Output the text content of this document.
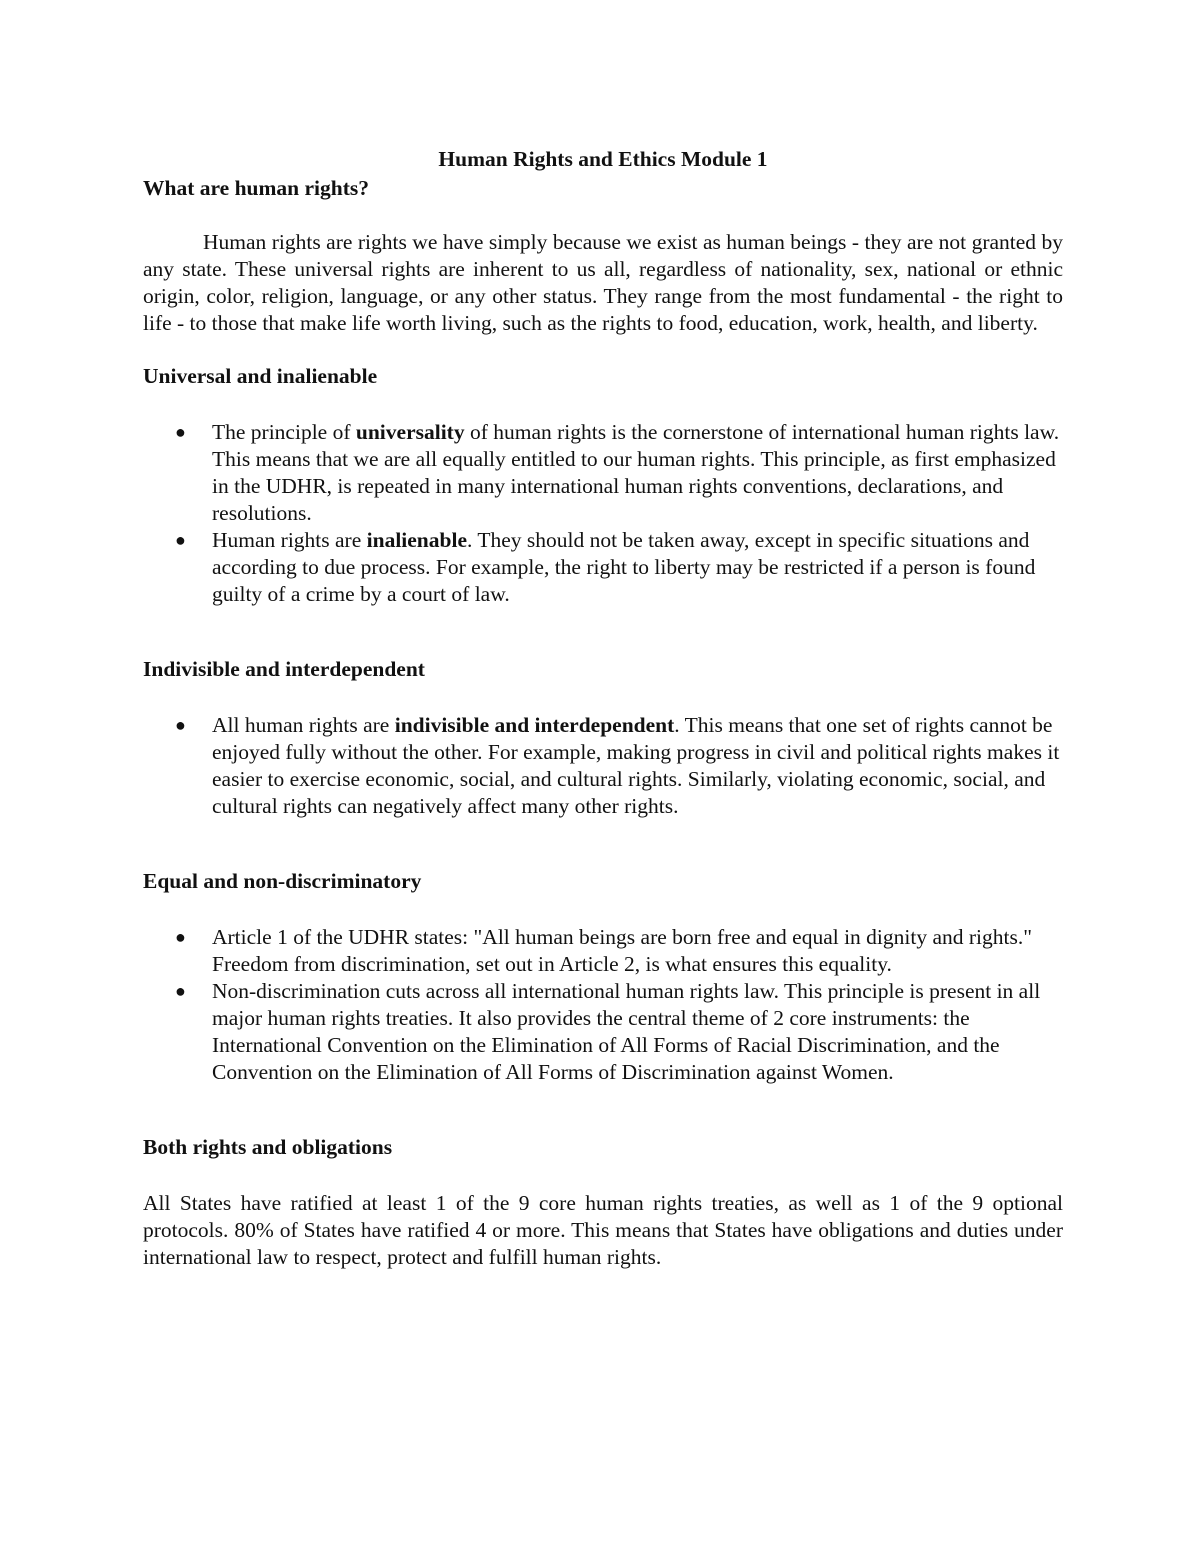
Human Rights and Ethics Module 1
What are human rights?

Human rights are rights we have simply because we exist as human beings - they are not granted by any state. These universal rights are inherent to us all, regardless of nationality, sex, national or ethnic origin, color, religion, language, or any other status. They range from the most fundamental - the right to life - to those that make life worth living, such as the rights to food, education, work, health, and liberty.

Universal and inalienable
● The principle of universality of human rights is the cornerstone of international human rights law. This means that we are all equally entitled to our human rights. This principle, as first emphasized in the UDHR, is repeated in many international human rights conventions, declarations, and resolutions.
● Human rights are inalienable. They should not be taken away, except in specific situations and according to due process. For example, the right to liberty may be restricted if a person is found guilty of a crime by a court of law.
Indivisible and interdependent
● All human rights are indivisible and interdependent. This means that one set of rights cannot be enjoyed fully without the other. For example, making progress in civil and political rights makes it easier to exercise economic, social, and cultural rights. Similarly, violating economic, social, and cultural rights can negatively affect many other rights.
Equal and non-discriminatory
● Article 1 of the UDHR states: "All human beings are born free and equal in dignity and rights." Freedom from discrimination, set out in Article 2, is what ensures this equality.
● Non-discrimination cuts across all international human rights law. This principle is present in all major human rights treaties. It also provides the central theme of 2 core instruments: the International Convention on the Elimination of All Forms of Racial Discrimination, and the Convention on the Elimination of All Forms of Discrimination against Women.
Both rights and obligations

All States have ratified at least 1 of the 9 core human rights treaties, as well as 1 of the 9 optional protocols. 80% of States have ratified 4 or more. This means that States have obligations and duties under international law to respect, protect and fulfill human rights.
